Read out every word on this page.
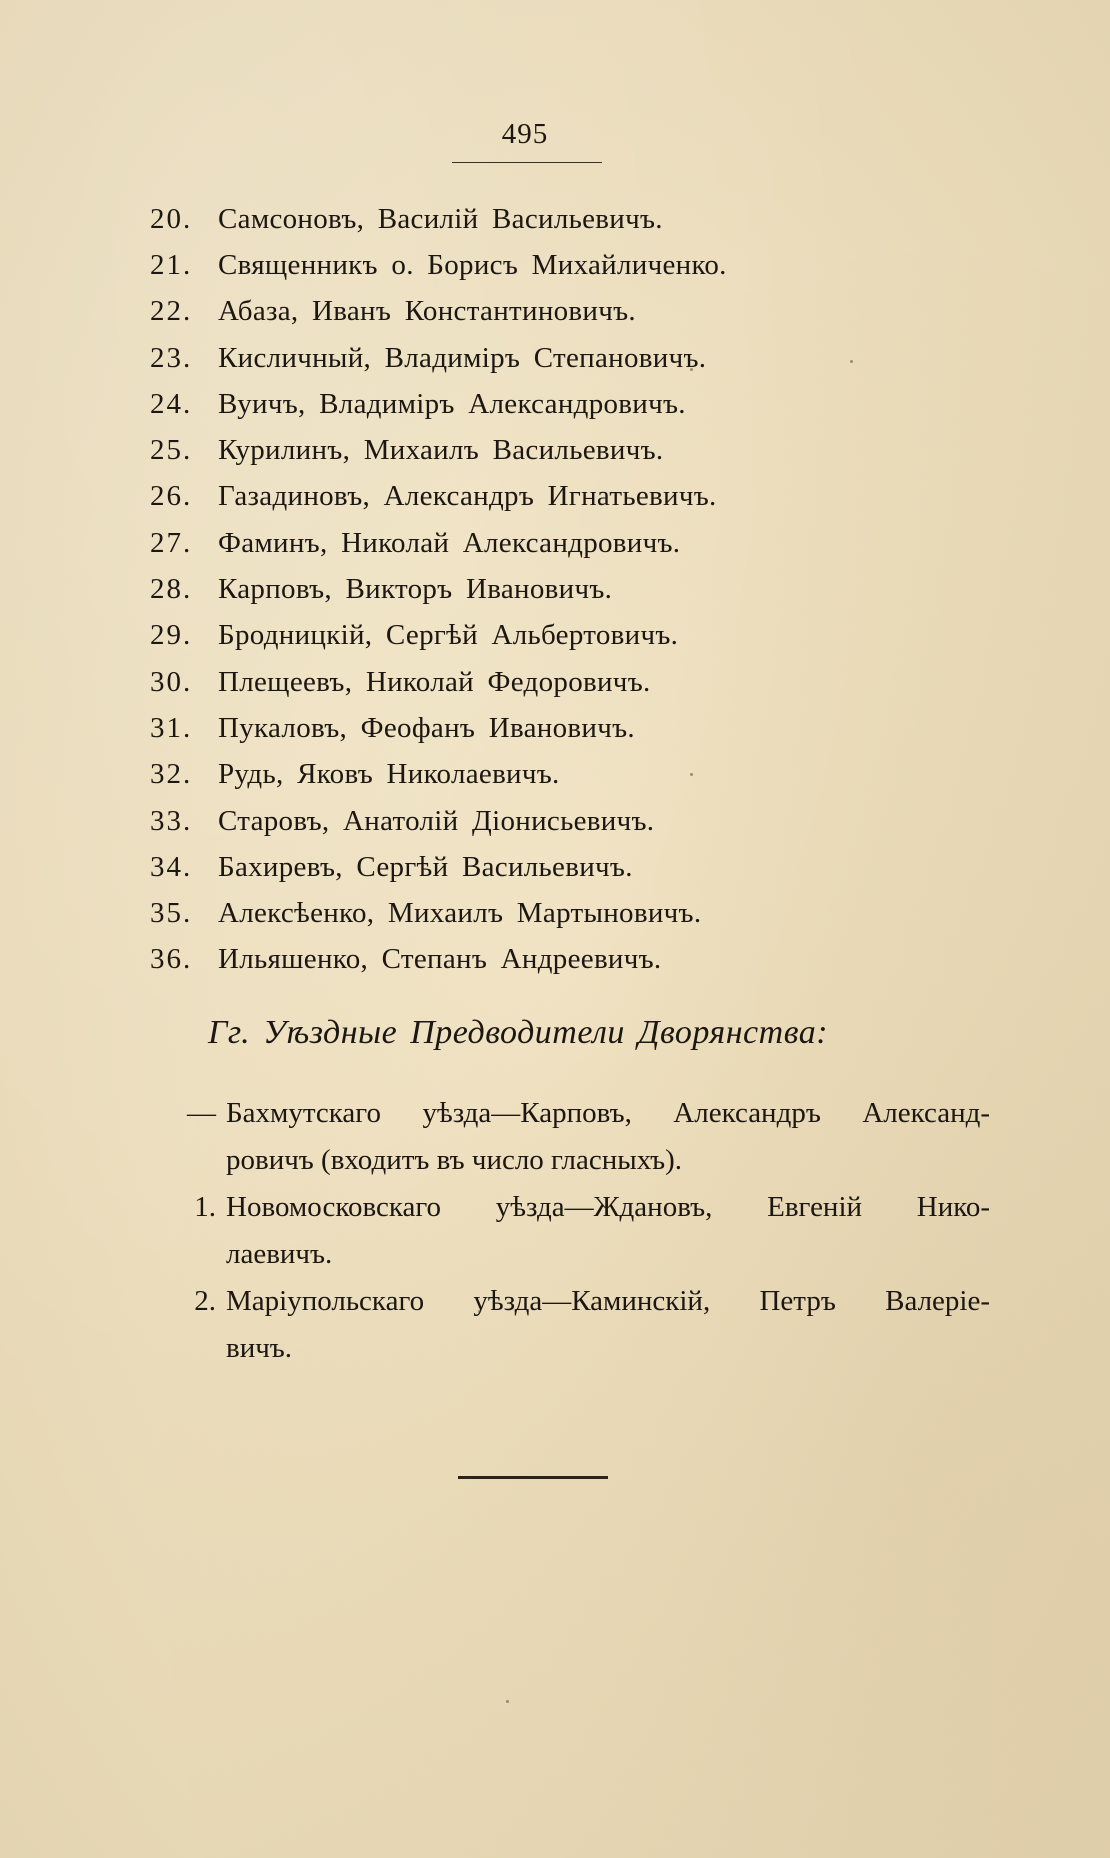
495
20. Самсоновъ, Василій Васильевичъ.
21. Священникъ о. Борисъ Михайличенко.
22. Абаза, Иванъ Константиновичъ.
23. Кисличный, Владиміръ Степановичъ.
24. Вуичъ, Владиміръ Александровичъ.
25. Курилинъ, Михаилъ Васильевичъ.
26. Газадиновъ, Александръ Игнатьевичъ.
27. Фаминъ, Николай Александровичъ.
28. Карповъ, Викторъ Ивановичъ.
29. Бродницкій, Сергѣй Альбертовичъ.
30. Плещеевъ, Николай Федоровичъ.
31. Пукаловъ, Феофанъ Ивановичъ.
32. Рудь, Яковъ Николаевичъ.
33. Старовъ, Анатолій Діонисьевичъ.
34. Бахиревъ, Сергѣй Васильевичъ.
35. Алексѣенко, Михаилъ Мартыновичъ.
36. Ильяшенко, Степанъ Андреевичъ.
Гг. Уѣздные Предводители Дворянства:
— Бахмутскаго уѣзда—Карповъ, Александръ Александ-
ровичъ (входитъ въ число гласныхъ).
1. Новомосковскаго уѣзда—Ждановъ, Евгеній Нико-
лаевичъ.
2. Маріупольскаго уѣзда—Каминскій, Петръ Валеріе-
вичъ.
